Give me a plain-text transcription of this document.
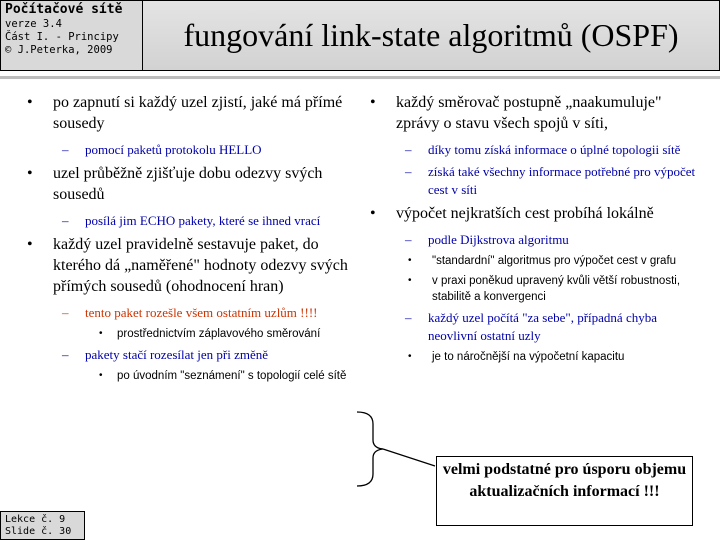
Počítačové sítě
verze 3.4
Část I. - Principy
© J.Peterka, 2009	fungování link-state algoritmů (OSPF)
• po zapnutí si každý uzel zjistí, jaké má přímé sousedy
– pomocí paketů protokolu HELLO
• uzel průběžně zjišťuje dobu odezvy svých sousedů
– posílá jim ECHO pakety, které se ihned vrací
• každý uzel pravidelně sestavuje paket, do kterého dá „naměřené" hodnoty odezvy svých přímých sousedů (ohodnocení hran)
– tento paket rozešle všem ostatním uzlům !!!!
• prostřednictvím záplavového směrování
– pakety stačí rozesílat jen při změně
• po úvodním "seznámení" s topologií celé sítě
• každý směrovač postupně „naakumuluje" zprávy o stavu všech spojů v síti,
– díky tomu získá informace o úplné topologii sítě
– získá také všechny informace potřebné pro výpočet cest v síti
• výpočet nejkratších cest probíhá lokálně
– podle Dijkstrova algoritmu
• "standardní" algoritmus pro výpočet cest v grafu
• v praxi poněkud upravený kvůli větší robustnosti, stabilitě a konvergenci
– každý uzel počítá "za sebe", případná chyba neovlivní ostatní uzly
• je to náročnější na výpočetní kapacitu
velmi podstatné pro úsporu objemu aktualizačních informací !!!
Lekce č. 9
Slide č. 30
